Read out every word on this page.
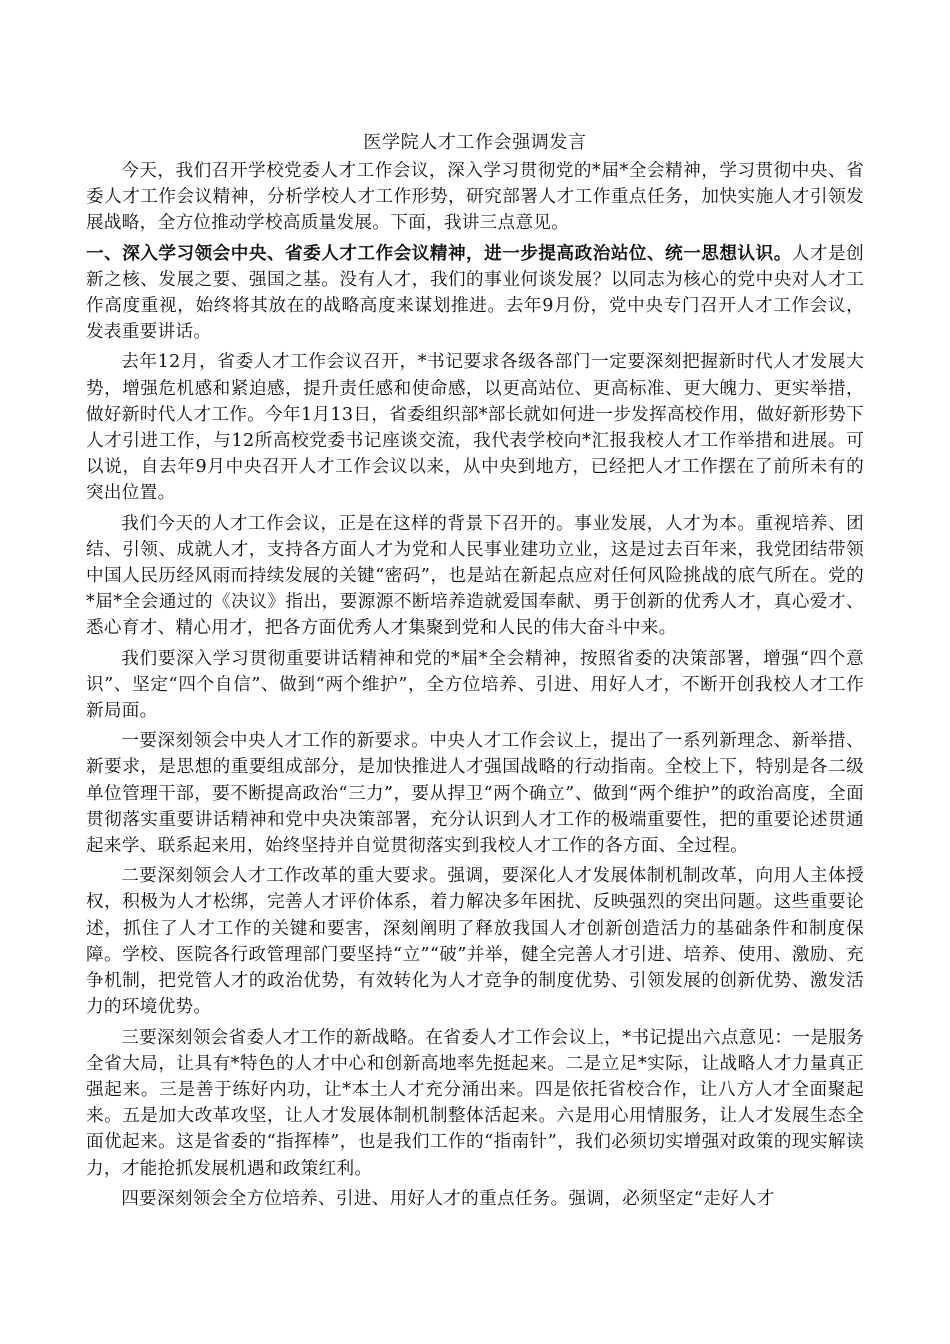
医学院人才工作会强调发言

今天，我们召开学校党委人才工作会议，深入学习贯彻党的*届*全会精神，学习贯彻中央、省委人才工作会议精神，分析学校人才工作形势，研究部署人才工作重点任务，加快实施人才引领发展战略，全方位推动学校高质量发展。下面，我讲三点意见。

一、深入学习领会中央、省委人才工作会议精神，进一步提高政治站位、统一思想认识。人才是创新之核、发展之要、强国之基。没有人才，我们的事业何谈发展？以同志为核心的党中央对人才工作高度重视，始终将其放在的战略高度来谋划推进。去年9月份，党中央专门召开人才工作会议，发表重要讲话。

去年12月，省委人才工作会议召开，*书记要求各级各部门一定要深刻把握新时代人才发展大势，增强危机感和紧迫感，提升责任感和使命感，以更高站位、更高标准、更大魄力、更实举措，做好新时代人才工作。今年1月13日，省委组织部*部长就如何进一步发挥高校作用，做好新形势下人才引进工作，与12所高校党委书记座谈交流，我代表学校向*汇报我校人才工作举措和进展。可以说，自去年9月中央召开人才工作会议以来，从中央到地方，已经把人才工作摆在了前所未有的突出位置。

我们今天的人才工作会议，正是在这样的背景下召开的。事业发展，人才为本。重视培养、团结、引领、成就人才，支持各方面人才为党和人民事业建功立业，这是过去百年来，我党团结带领中国人民历经风雨而持续发展的关键“密码”，也是站在新起点应对任何风险挑战的底气所在。党的*届*全会通过的《决议》指出，要源源不断培养造就爱国奉献、勇于创新的优秀人才，真心爱才、悉心育才、精心用才，把各方面优秀人才集聚到党和人民的伟大奋斗中来。

我们要深入学习贯彻重要讲话精神和党的*届*全会精神，按照省委的决策部署，增强“四个意识”、坚定“四个自信”、做到“两个维护”，全方位培养、引进、用好人才，不断开创我校人才工作新局面。

一要深刻领会中央人才工作的新要求。中央人才工作会议上，提出了一系列新理念、新举措、新要求，是思想的重要组成部分，是加快推进人才强国战略的行动指南。全校上下，特别是各二级单位管理干部，要不断提高政治“三力”，要从捍卫“两个确立”、做到“两个维护”的政治高度，全面贯彻落实重要讲话精神和党中央决策部署，充分认识到人才工作的极端重要性，把的重要论述贯通起来学、联系起来用，始终坚持并自觉贯彻落实到我校人才工作的各方面、全过程。

二要深刻领会人才工作改革的重大要求。强调，要深化人才发展体制机制改革，向用人主体授权，积极为人才松绑，完善人才评价体系，着力解决多年困扰、反映强烈的突出问题。这些重要论述，抓住了人才工作的关键和要害，深刻阐明了释放我国人才创新创造活力的基础条件和制度保障。学校、医院各行政管理部门要坚持“立”“破”并举，健全完善人才引进、培养、使用、激励、充争机制，把党管人才的政治优势，有效转化为人才竞争的制度优势、引领发展的创新优势、激发活力的环境优势。

三要深刻领会省委人才工作的新战略。在省委人才工作会议上，*书记提出六点意见：一是服务全省大局，让具有*特色的人才中心和创新高地率先挺起来。二是立足*实际，让战略人才力量真正强起来。三是善于练好内功，让*本土人才充分涌出来。四是依托省校合作，让八方人才全面聚起来。五是加大改革攻坚，让人才发展体制机制整体活起来。六是用心用情服务，让人才发展生态全面优起来。这是省委的“指挥棒”，也是我们工作的“指南针”，我们必须切实增强对政策的现实解读力，才能抢抓发展机遇和政策红利。

四要深刻领会全方位培养、引进、用好人才的重点任务。强调，必须坚定“走好人才
